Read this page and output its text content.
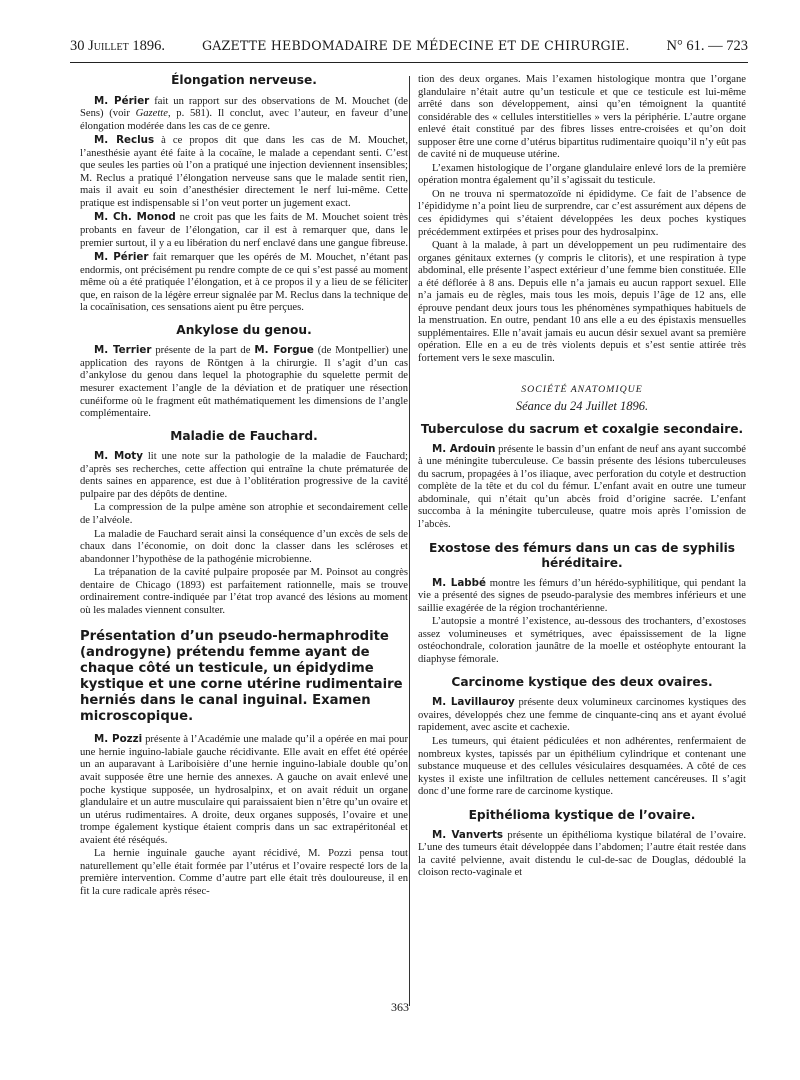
30 Juillet 1896.	GAZETTE HEBDOMADAIRE DE MÉDECINE ET DE CHIRURGIE.	N° 61. — 723
Élongation nerveuse.

M. Périer fait un rapport sur des observations de M. Mouchet (de Sens) (voir Gazette, p. 581). Il conclut, avec l’auteur, en faveur d’une élongation modérée dans les cas de ce genre.

M. Reclus à ce propos dit que dans les cas de M. Mouchet, l’anesthésie ayant été faite à la cocaïne, le malade a cependant senti. C’est que seules les parties où l’on a pratiqué une injection deviennent insensibles; M. Reclus a pratiqué l’élongation nerveuse sans que le malade sentit rien, mais il avait eu soin d’anesthésier directement le nerf lui-même. Cette pratique est indispensable si l’on veut porter un jugement exact.

M. Ch. Monod ne croit pas que les faits de M. Mouchet soient très probants en faveur de l’élongation, car il est à remarquer que, dans le premier surtout, il y a eu libération du nerf enclavé dans une gangue fibreuse.

M. Périer fait remarquer que les opérés de M. Mouchet, n’étant pas endormis, ont précisément pu rendre compte de ce qui s’est passé au moment même où a été pratiquée l’élongation, et à ce propos il y a lieu de se féliciter que, en raison de la légère erreur signalée par M. Reclus dans la technique de la cocaïnisation, ces sensations aient pu être perçues.

Ankylose du genou.

M. Terrier présente de la part de M. Forgue (de Montpellier) une application des rayons de Röntgen à la chirurgie. Il s’agit d’un cas d’ankylose du genou dans lequel la photographie du squelette permit de mesurer exactement l’angle de la déviation et de pratiquer une résection cunéiforme où le fragment eût mathématiquement les dimensions de l’angle complémentaire.

Maladie de Fauchard.

M. Moty lit une note sur la pathologie de la maladie de Fauchard; d’après ses recherches, cette affection qui entraîne la chute prématurée de dents saines en apparence, est due à l’oblitération progressive de la cavité pulpaire par des dépôts de dentine.

La compression de la pulpe amène son atrophie et secondairement celle de l’alvéole.

La maladie de Fauchard serait ainsi la conséquence d’un excès de sels de chaux dans l’économie, on doit donc la classer dans les scléroses et abandonner l’hypothèse de la pathogénie microbienne.

La trépanation de la cavité pulpaire proposée par M. Poinsot au congrès dentaire de Chicago (1893) est parfaitement rationnelle, mais se trouve ordinairement contre-indiquée par l’état trop avancé des lésions au moment où les malades viennent consulter.

Présentation d’un pseudo-hermaphrodite (androgyne) prétendu femme ayant de chaque côté un testicule, un épidydime kystique et une corne utérine rudimentaire herniés dans le canal inguinal. Examen microscopique.

M. Pozzi présente à l’Académie une malade qu’il a opérée en mai pour une hernie inguino-labiale gauche récidivante. Elle avait en effet été opérée un an auparavant à Lariboisière d’une hernie inguino-labiale double qu’on avait supposée être une hernie des annexes. A gauche on avait enlevé une poche kystique supposée, un hydrosalpinx, et on avait réduit un organe glandulaire et un autre musculaire qui paraissaient bien n’être qu’un ovaire et un utérus rudimentaires. A droite, deux organes supposés, l’ovaire et une trompe également kystique étaient compris dans un sac extrapéritonéal et avaient été réséqués.

La hernie inguinale gauche ayant récidivé, M. Pozzi pensa tout naturellement qu’elle était formée par l’utérus et l’ovaire respecté lors de la première intervention. Comme d’autre part elle était très douloureuse, il en fit la cure radicale après résec-

tion des deux organes. Mais l’examen histologique montra que l’organe glandulaire n’était autre qu’un testicule et que ce testicule est lui-même arrêté dans son développement, ainsi qu’en témoignent la quantité considérable des « cellules interstitielles » vers la périphérie. L’autre organe enlevé était constitué par des fibres lisses entre-croisées et qu’on doit supposer être une corne d’utérus bipartitus rudimentaire quoiqu’il n’y eût pas de cavité ni de muqueuse utérine.

L’examen histologique de l’organe glandulaire enlevé lors de la première opération montra également qu’il s’agissait du testicule.

On ne trouva ni spermatozoïde ni épididyme. Ce fait de l’absence de l’épididyme n’a point lieu de surprendre, car c’est assurément aux dépens de ces épididymes qui s’étaient développées les deux poches kystiques précédemment extirpées et prises pour des hydrosalpinx.

Quant à la malade, à part un développement un peu rudimentaire des organes génitaux externes (y compris le clitoris), et une respiration à type abdominal, elle présente l’aspect extérieur d’une femme bien constituée. Elle a été déflorée à 8 ans. Depuis elle n’a jamais eu aucun rapport sexuel. Elle n’a jamais eu de règles, mais tous les mois, depuis l’âge de 12 ans, elle éprouve pendant deux jours tous les phénomènes sympathiques habituels de la menstruation. En outre, pendant 10 ans elle a eu des épistaxis mensuelles supplémentaires. Elle n’avait jamais eu aucun désir sexuel avant sa première opération. Elle en a eu de très violents depuis et s’est sentie attirée très fortement vers le sexe masculin.

SOCIÉTÉ ANATOMIQUE
Séance du 24 Juillet 1896.
Tuberculose du sacrum et coxalgie secondaire.

M. Ardouin présente le bassin d’un enfant de neuf ans ayant succombé à une méningite tuberculeuse. Ce bassin présente des lésions tuberculeuses du sacrum, propagées à l’os iliaque, avec perforation du cotyle et destruction complète de la tête et du col du fémur. L’enfant avait en outre une tumeur abdominale, qui n’était qu’un abcès froid d’origine sacrée. L’enfant succomba à la méningite tuberculeuse, quatre mois après l’omission de l’abcès.

Exostose des fémurs dans un cas de syphilis héréditaire.

M. Labbé montre les fémurs d’un hérédo-syphilitique, qui pendant la vie a présenté des signes de pseudo-paralysie des membres inférieurs et une saillie exagérée de la région trochantérienne.

L’autopsie a montré l’existence, au-dessous des trochanters, d’exostoses assez volumineuses et symétriques, avec épaississement de la ligne ostéochondrale, coloration jaunâtre de la moelle et ostéophyte entourant la diaphyse fémorale.

Carcinome kystique des deux ovaires.

M. Lavillauroy présente deux volumineux carcinomes kystiques des ovaires, développés chez une femme de cinquante-cinq ans et ayant évolué rapidement, avec ascite et cachexie.

Les tumeurs, qui étaient pédiculées et non adhérentes, renfermaient de nombreux kystes, tapissés par un épithélium cylindrique et contenant une substance muqueuse et des cellules vésiculaires desquamées. A côté de ces kystes il existe une infiltration de cellules nettement cancéreuses. Il s’agit donc d’une forme rare de carcinome kystique.

Epithélioma kystique de l’ovaire.

M. Vanverts présente un épithélioma kystique bilatéral de l’ovaire. L’une des tumeurs était développée dans l’abdomen; l’autre était restée dans la cavité pelvienne, avait distendu le cul-de-sac de Douglas, dédoublé la cloison recto-vaginale et

363
